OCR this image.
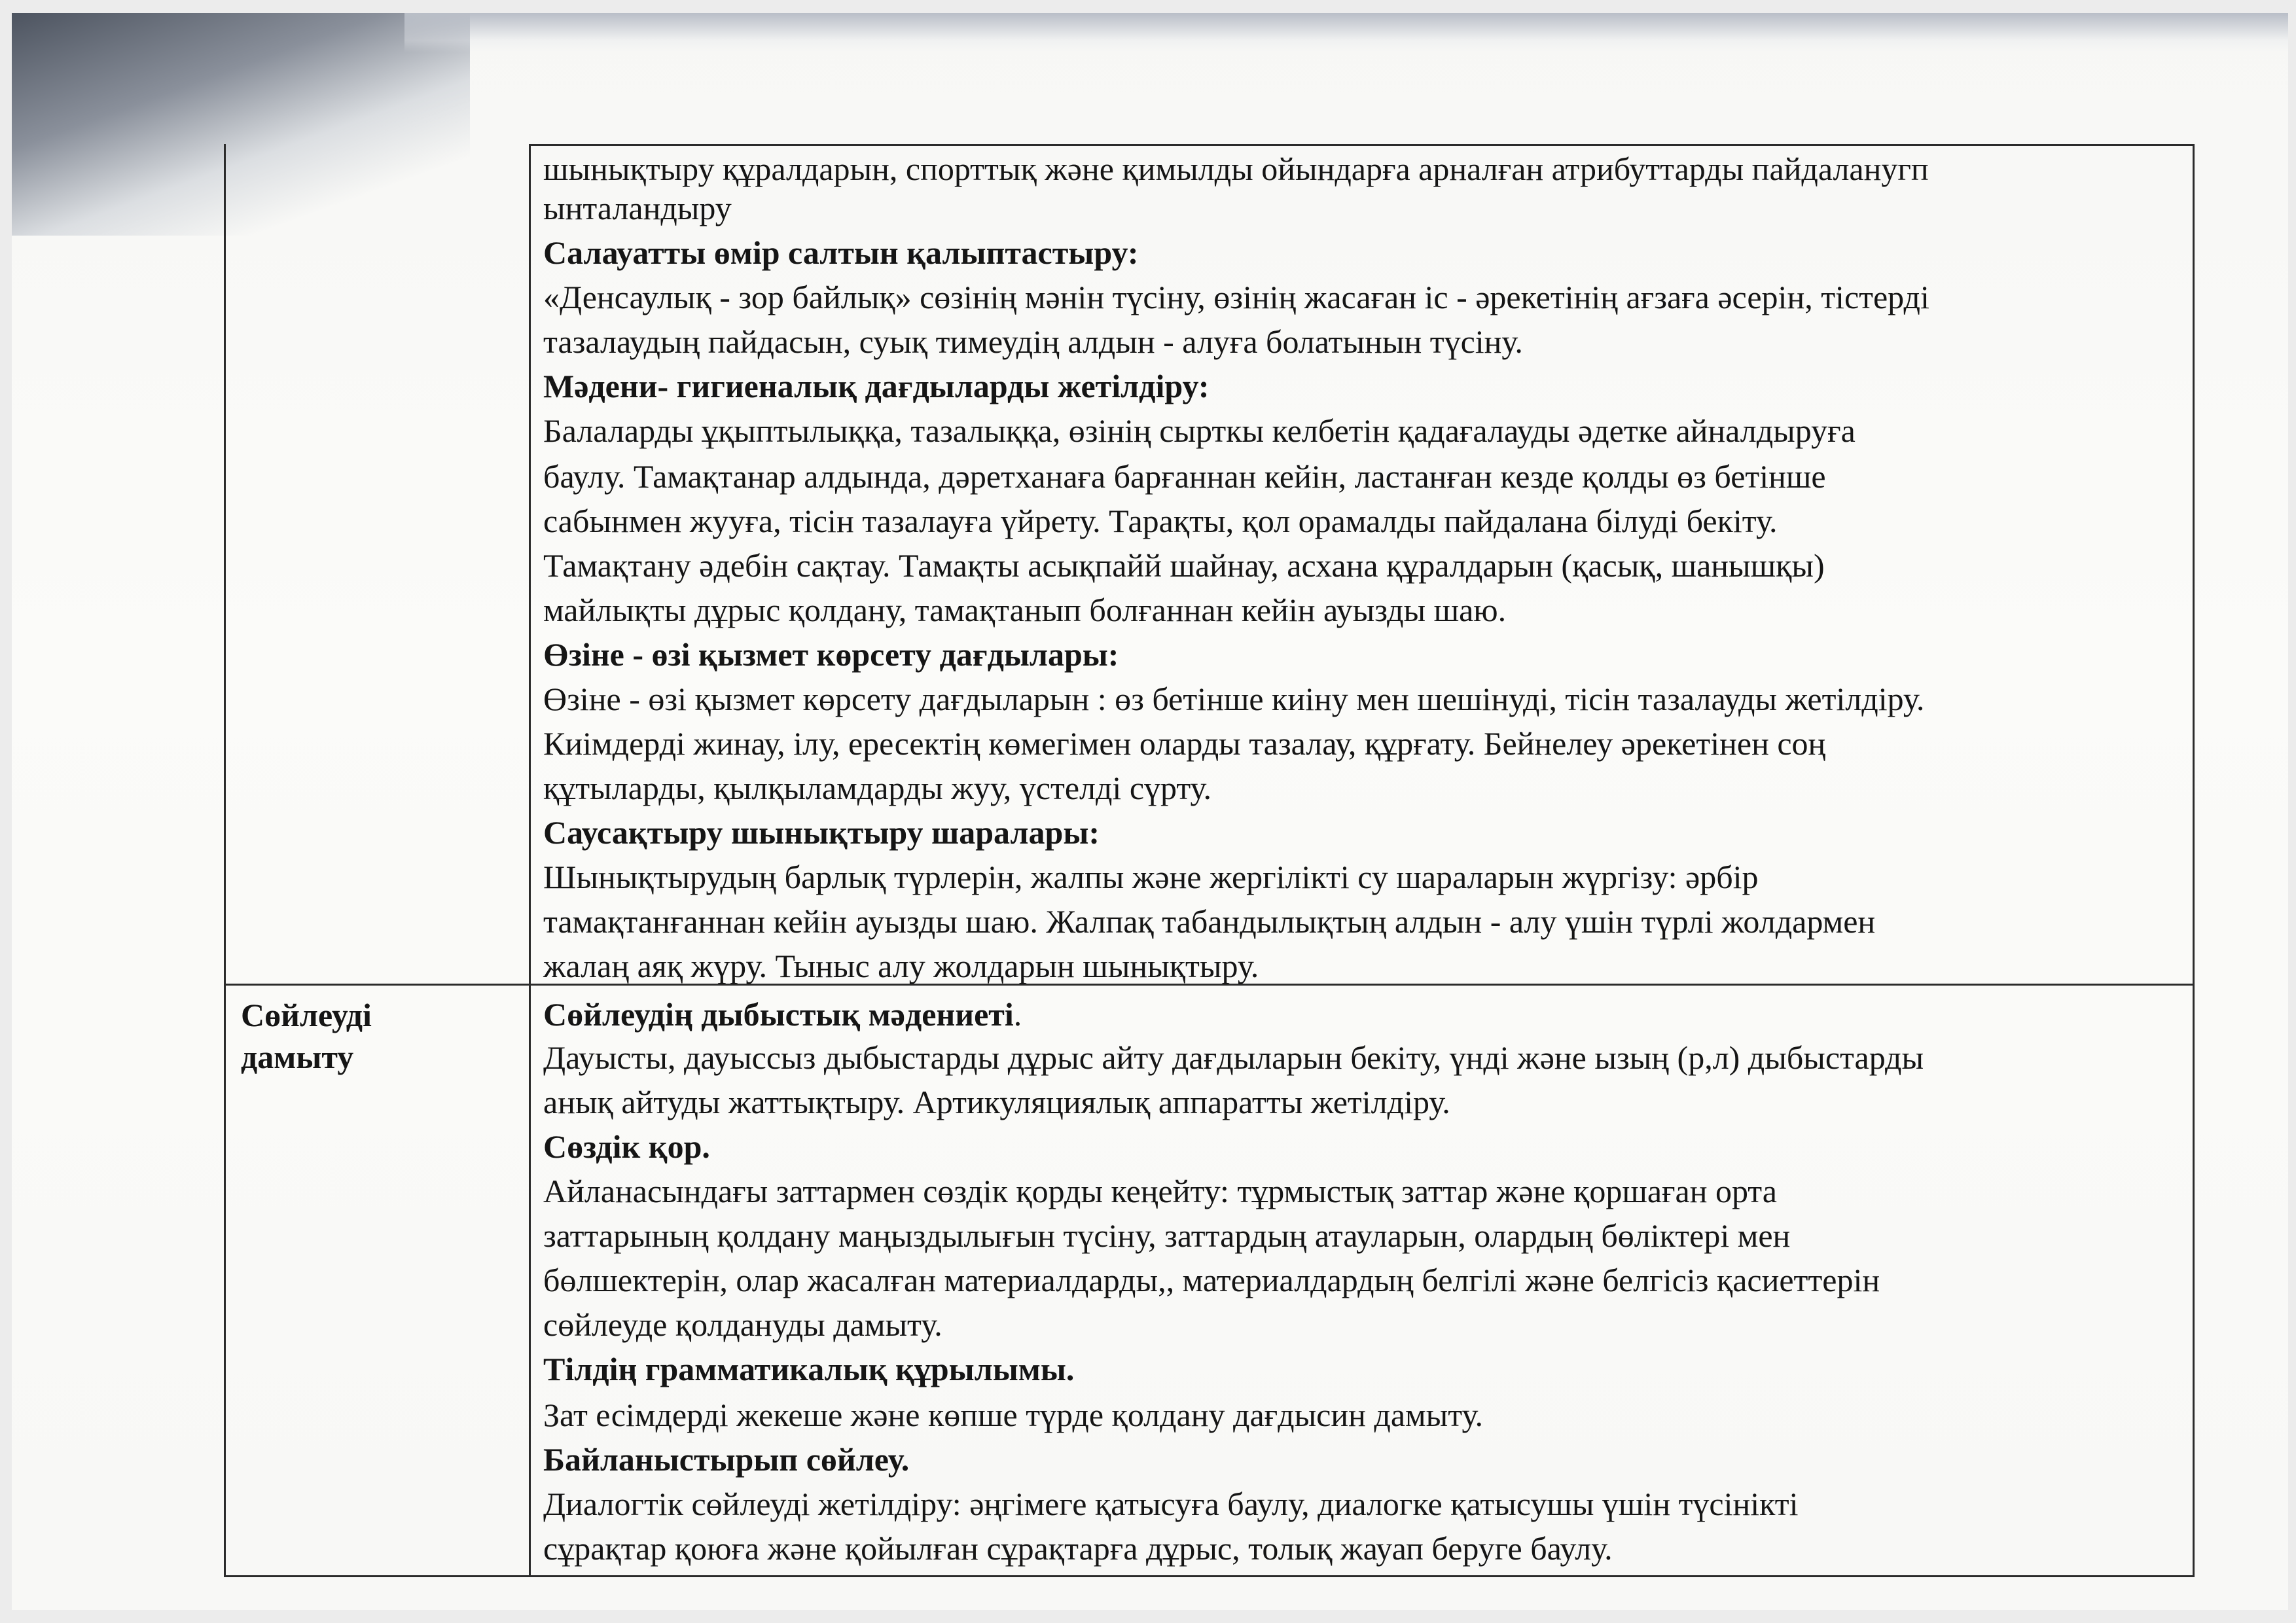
шынықтыру құралдарын, спорттық және қимылды ойындарға арналған атрибуттарды пайдаланугп
ынталандыру
Салауатты өмір салтын қалыптастыру:
«Денсаулық - зор байлық» сөзінің мәнін түсіну, өзінің жасаған іс - әрекетінің ағзаға әсерін, тістерді
тазалаудың пайдасын, суық тимеудің алдын - алуға болатынын түсіну.
Мәдени- гигиеналық дағдыларды жетілдіру:
Балаларды ұқыптылыққа, тазалыққа, өзінің сырткы келбетін қадағалауды әдетке айналдыруға
баулу. Тамақтанар алдында, дәретханаға барғаннан кейін, ластанған кезде қолды өз бетінше
сабынмен жууға, тісін тазалауға үйрету. Тарақты, қол орамалды пайдалана білуді бекіту.
Тамақтану әдебін сақтау. Тамақты асықпайй шайнау, асхана құралдарын (қасық, шанышқы)
майлықты дұрыс қолдану, тамақтанып болғаннан кейін ауызды шаю.
Өзіне - өзі қызмет көрсету дағдылары:
Өзіне - өзі қызмет көрсету дағдыларын : өз бетінше киіну мен шешінуді, тісін тазалауды жетілдіру.
Киімдерді жинау, ілу, ересектің көмегімен оларды тазалау, құрғату. Бейнелеу әрекетінен соң
құтыларды, қылқыламдарды жуу, үстелді сүрту.
Саусақтыру шынықтыру шаралары:
Шынықтырудың барлық түрлерін, жалпы және жергілікті су шараларын жүргізу: әрбір
тамақтанғаннан кейін ауызды шаю. Жалпақ табандылықтың алдын - алу үшін түрлі жолдармен
жалаң аяқ жүру. Тыныс алу жолдарын шынықтыру.
Сөйлеуді
дамыту
Сөйлеудің дыбыстық мәдениеті.
Дауысты, дауыссыз дыбыстарды дұрыс айту дағдыларын бекіту, үнді және ызың (р,л) дыбыстарды
анық айтуды жаттықтыру. Артикуляциялық аппаратты жетілдіру.
Сөздік қор.
Айланасындағы заттармен сөздік қорды кеңейту: тұрмыстық заттар және қоршаған орта
заттарының қолдану маңыздылығын түсіну, заттардың атауларын, олардың бөліктері мен
бөлшектерін, олар жасалған материалдарды,, материалдардың белгілі және белгісіз қасиеттерін
сөйлеуде қолдануды дамыту.
Тілдің грамматикалық құрылымы.
Зат есімдерді жекеше және көпше түрде қолдану дағдысин дамыту.
Байланыстырып сөйлеу.
Диалогтік сөйлеуді жетілдіру: әңгімеге қатысуға баулу, диалогке қатысушы үшін түсінікті
сұрақтар қоюға және қойылған сұрақтарға дұрыс, толық жауап беруге баулу.
